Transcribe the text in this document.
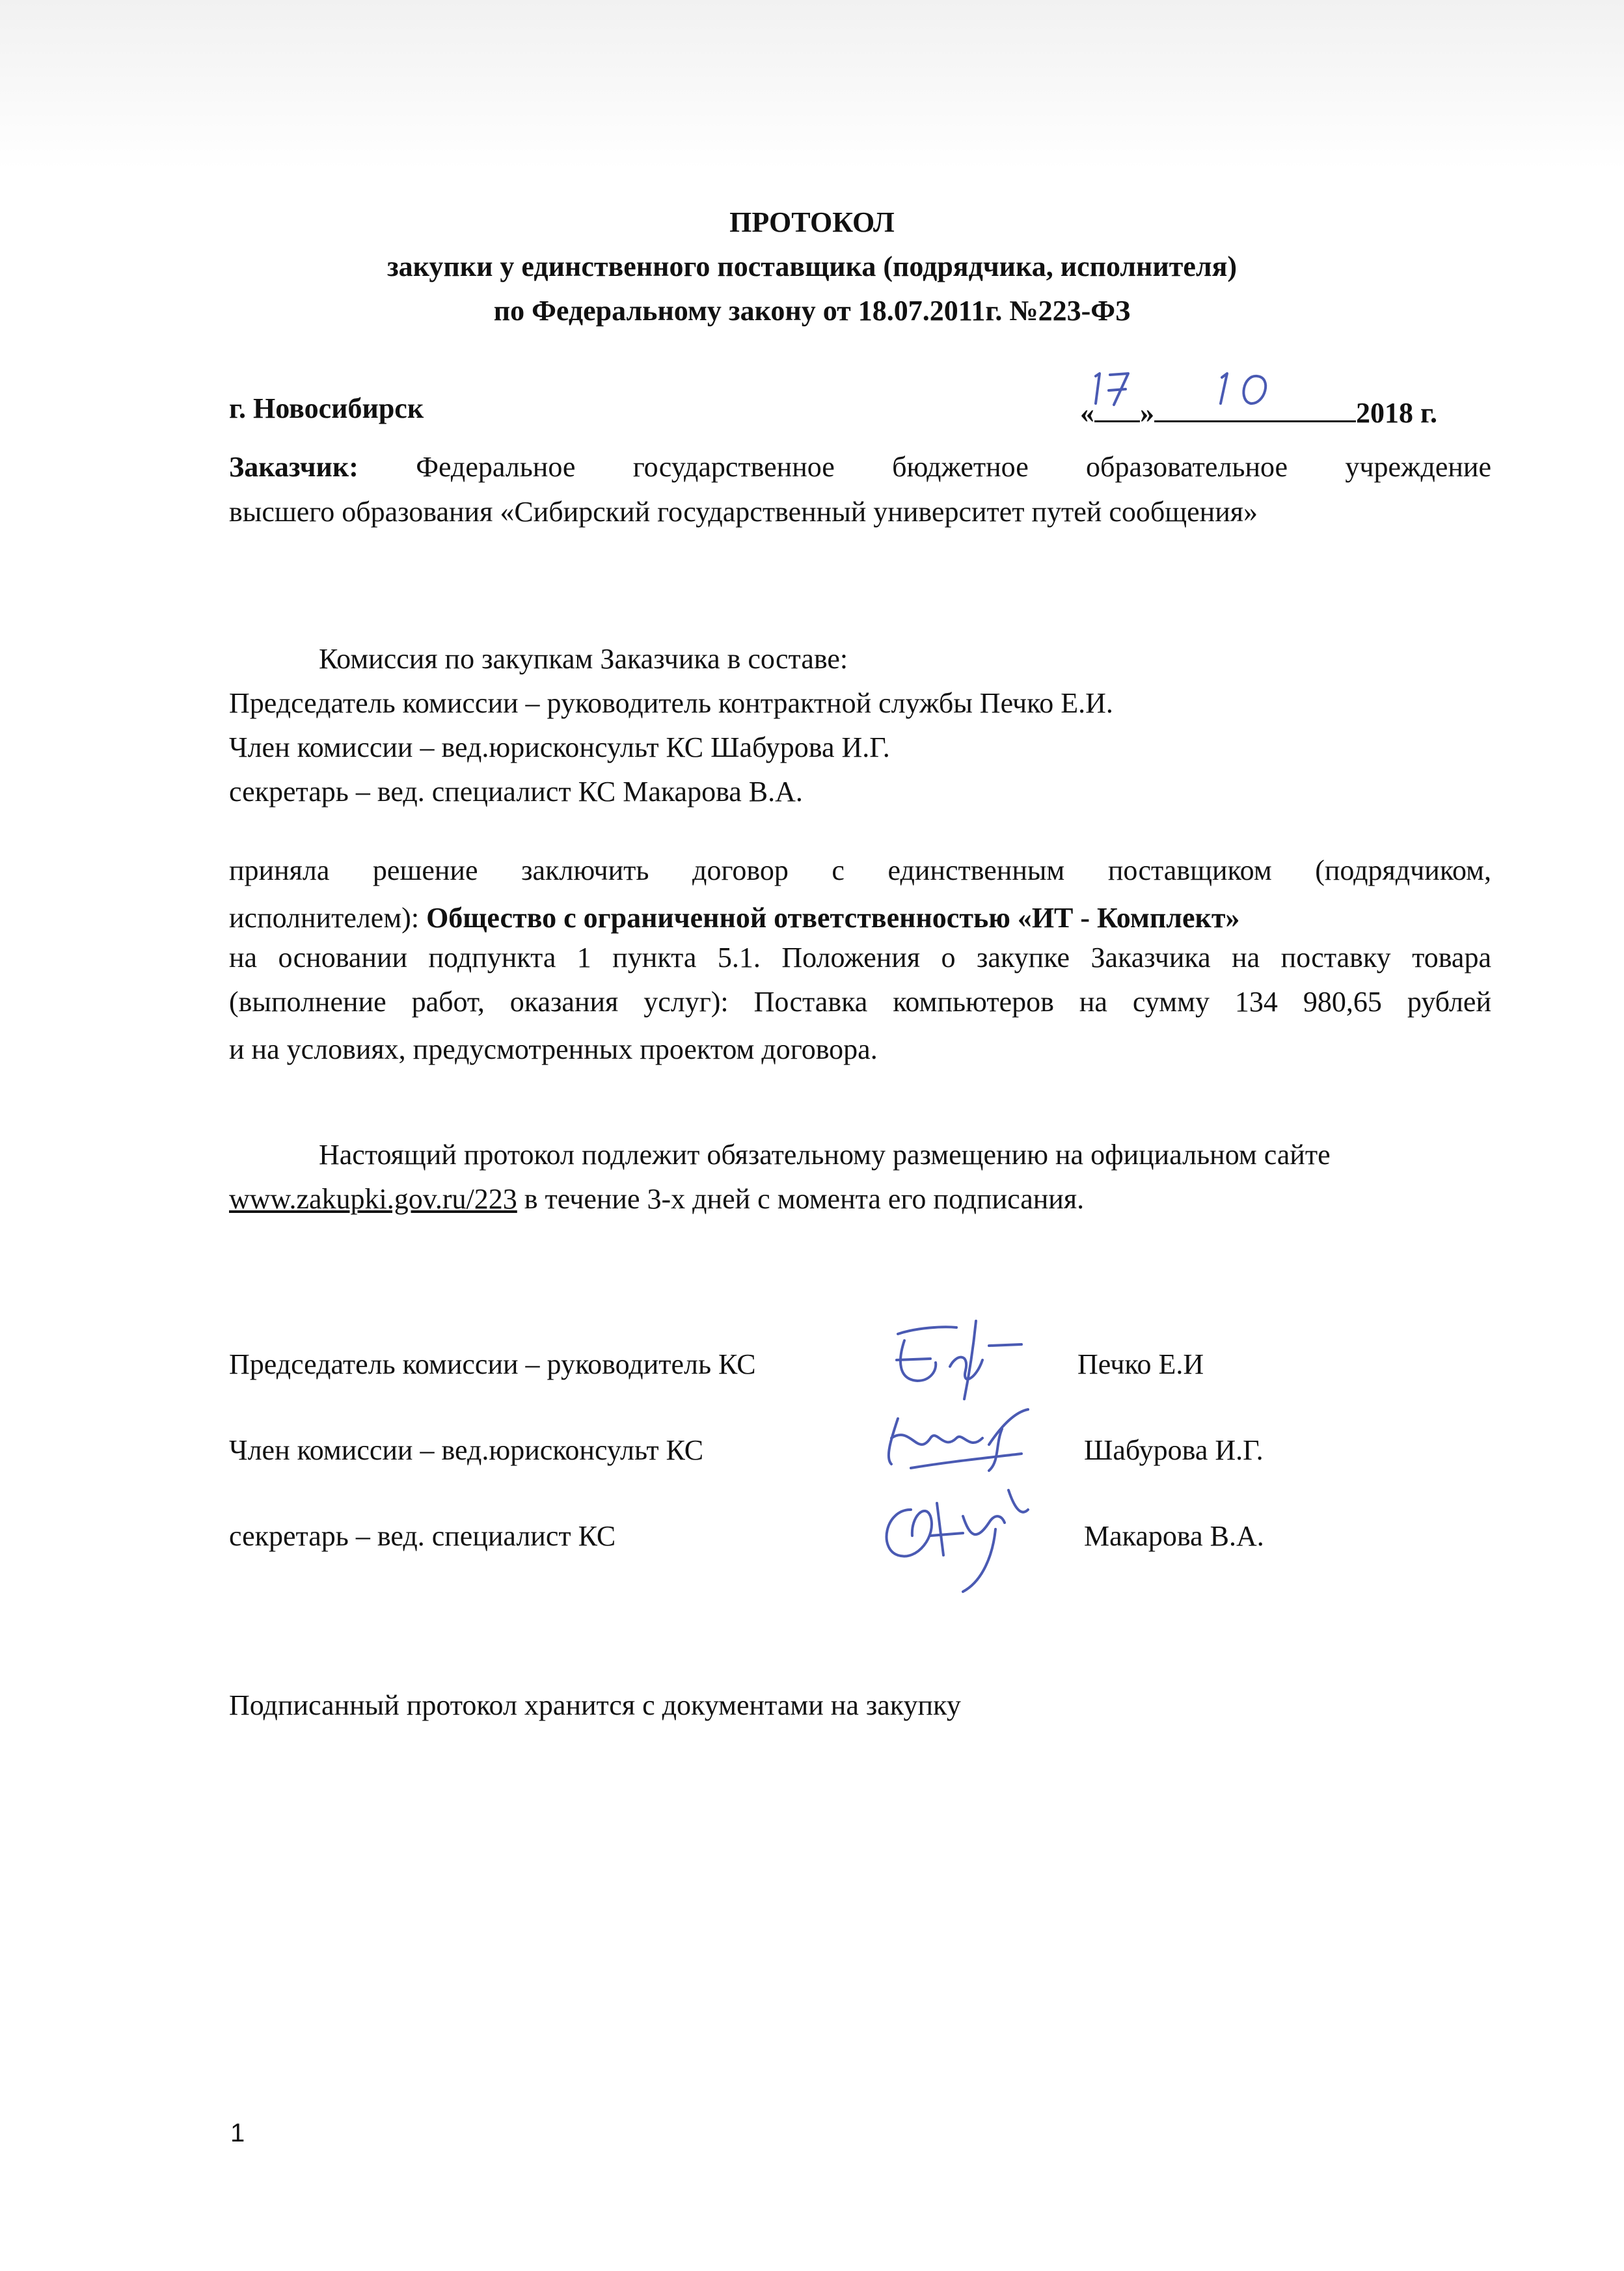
ПРОТОКОЛ
закупки у единственного поставщика (подрядчика, исполнителя)
по Федеральному закону от 18.07.2011г. №223-ФЗ
г. Новосибирск	« »	2018 г.
Заказчик: Федеральное государственное бюджетное образовательное учреждение
высшего образования «Сибирский государственный университет путей сообщения»
Комиссия по закупкам Заказчика в составе:
Председатель комиссии – руководитель контрактной службы Печко Е.И.
Член комиссии – вед.юрисконсульт КС Шабурова И.Г.
секретарь – вед. специалист КС Макарова В.А.
приняла решение заключить договор с единственным поставщиком (подрядчиком,
исполнителем): Общество с ограниченной ответственностью «ИТ - Комплект»
на основании подпункта 1 пункта 5.1. Положения о закупке Заказчика на поставку товара
(выполнение работ, оказания услуг): Поставка компьютеров на сумму 134 980,65 рублей
и на условиях, предусмотренных проектом договора.
Настоящий протокол подлежит обязательному размещению на официальном сайте
www.zakupki.gov.ru/223 в течение 3-х дней с момента его подписания.
Председатель комиссии – руководитель КС	Печко Е.И
Член комиссии – вед.юрисконсульт КС	Шабурова И.Г.
секретарь – вед. специалист КС	Макарова В.А.
Подписанный протокол хранится с документами на закупку
1
